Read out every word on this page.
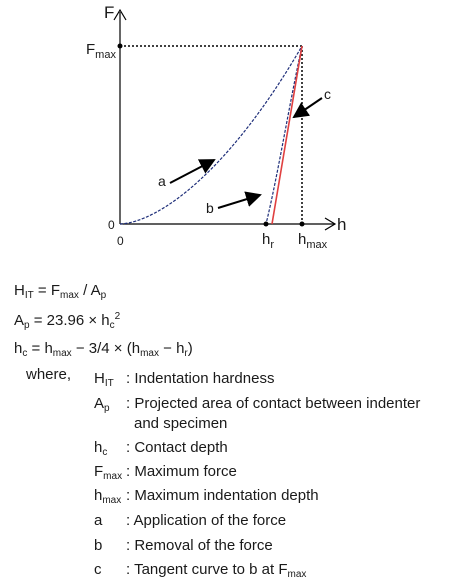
F
h
$F_{max}$
0
0	$h_r$ $h_{max}$
a
b
c
$H_{IT} = F_{max} / A_p$
$A_p = 23.96 \times h_c^2$
$h_c = h_{max} - 3/4 \times (h_{max} - h_r)$
where, $H_{IT}$ : Indentation hardness
$A_p$ : Projected area of contact between indenter
and specimen
$h_c$ : Contact depth
$F_{max}$ : Maximum force
$h_{max}$ : Maximum indentation depth
a : Application of the force
b : Removal of the force
c : Tangent curve to b at $F_{max}$
